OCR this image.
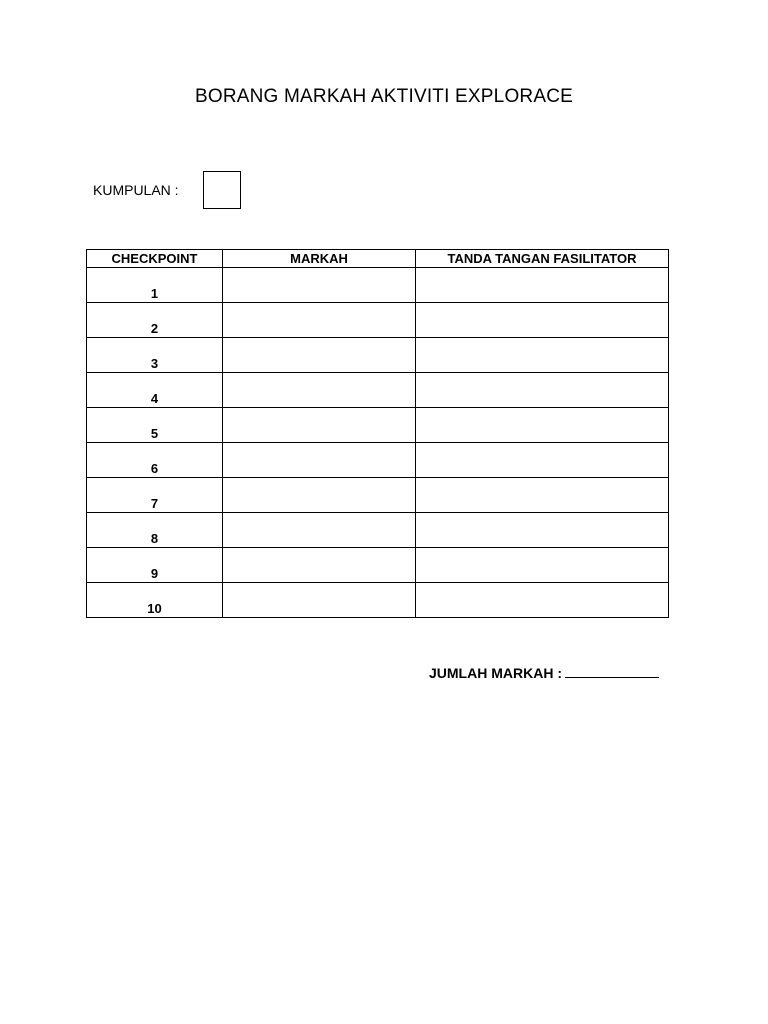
BORANG MARKAH AKTIVITI EXPLORACE
KUMPULAN :
CHECKPOINT	MARKAH	TANDA TANGAN FASILITATOR
1		
2		
3		
4		
5		
6		
7		
8		
9		
10		
JUMLAH MARKAH :
